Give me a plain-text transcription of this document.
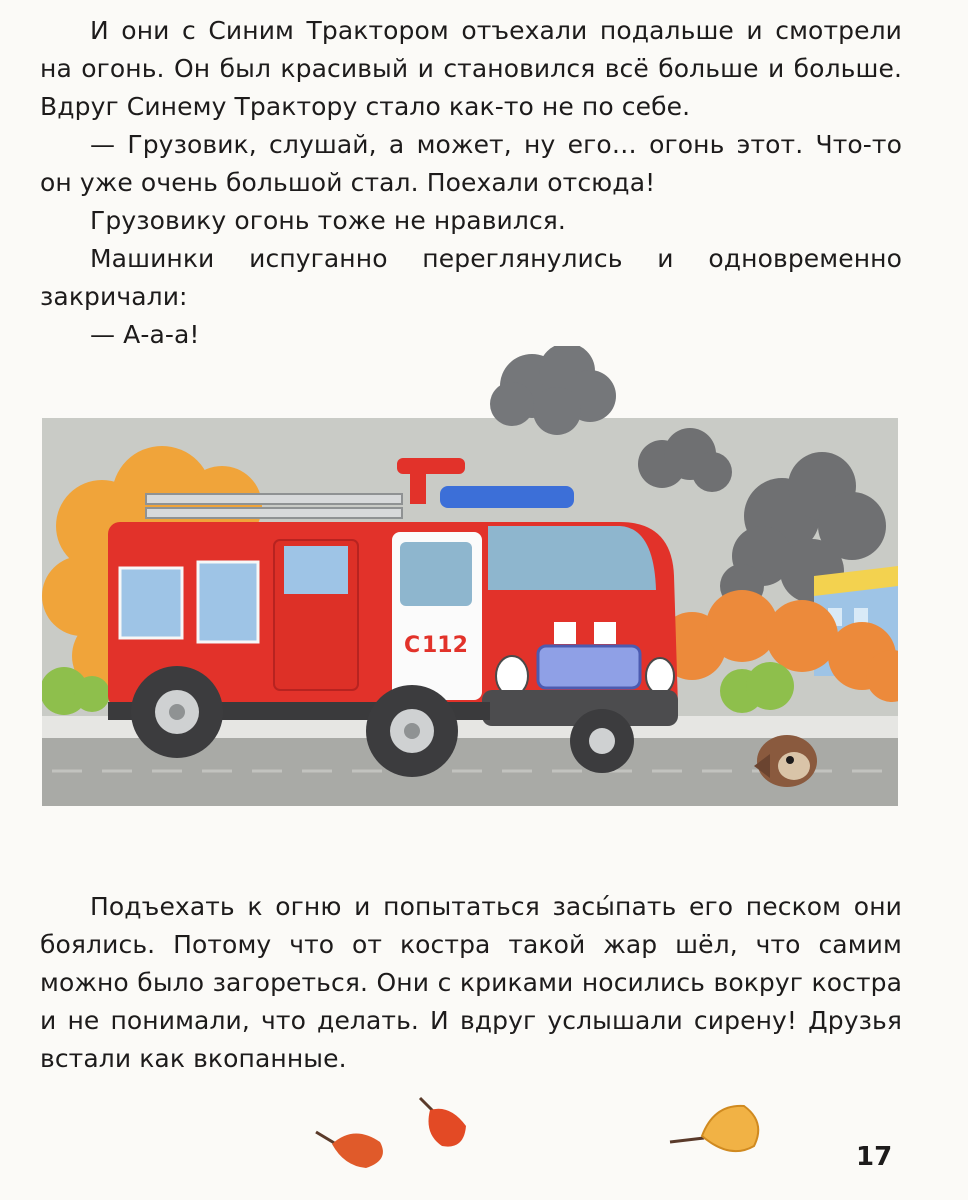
И они с Синим Трактором отъехали подальше и смотрели на огонь. Он был красивый и становился всё больше и больше. Вдруг Синему Трактору стало как-то не по себе.

— Грузовик, слушай, а может, ну его… огонь этот. Что-то он уже очень большой стал. Поехали отсюда!

Грузовику огонь тоже не нравился.

Машинки испуганно переглянулись и одновременно закричали:

— А-а-а!

С 112

Подъехать к огню и попытаться засы́пать его песком они боялись. Потому что от костра такой жар шёл, что самим можно было загореться. Они с криками носились вокруг костра и не понимали, что делать. И вдруг услышали сирену! Друзья встали как вкопанные.

17
